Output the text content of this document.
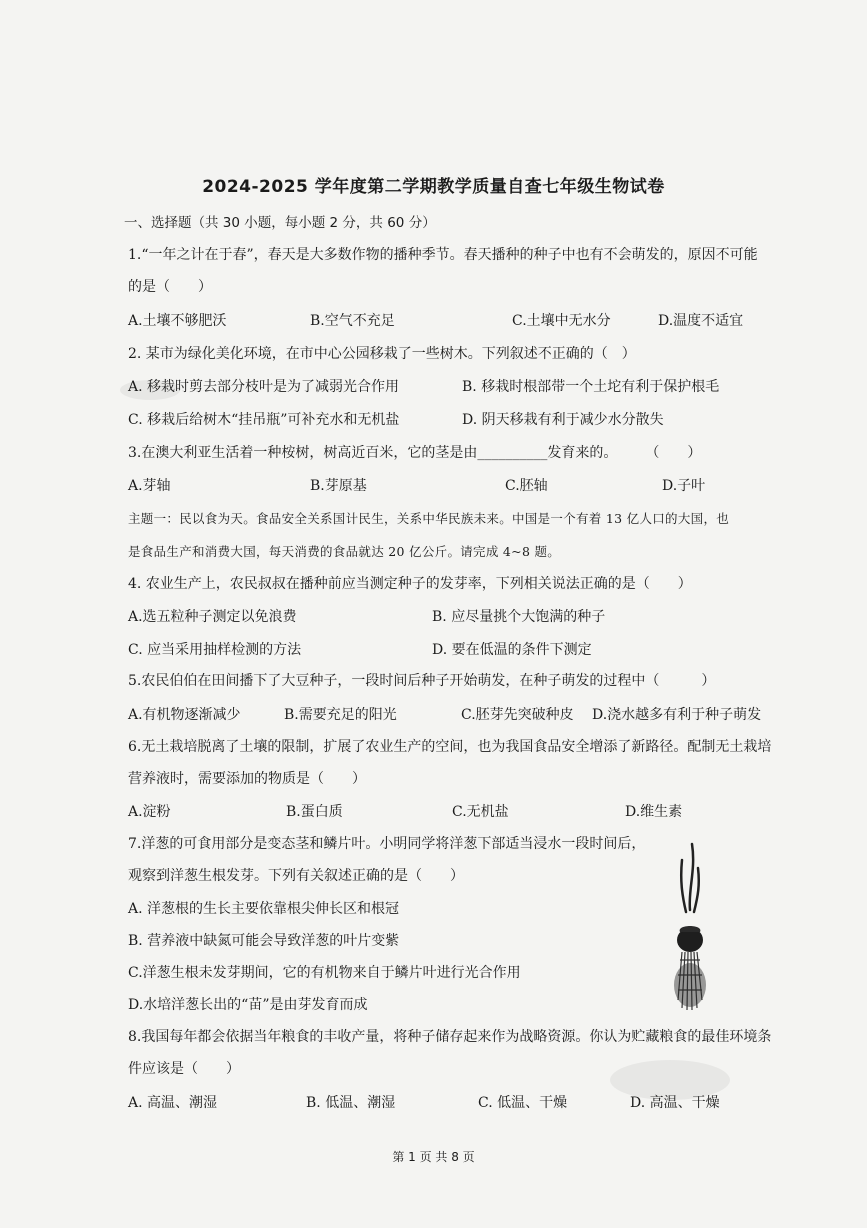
2024-2025 学年度第二学期教学质量自查七年级生物试卷
一、选择题（共 30 小题，每小题 2 分，共 60 分）
1.“一年之计在于春”，春天是大多数作物的播种季节。春天播种的种子中也有不会萌发的，原因不可能
的是（　　）
A.土壤不够肥沃	B.空气不充足	C.土壤中无水分	D.温度不适宜
2. 某市为绿化美化环境，在市中心公园移栽了一些树木。下列叙述不正确的（　）
A. 移栽时剪去部分枝叶是为了减弱光合作用	B. 移栽时根部带一个土坨有利于保护根毛
C. 移栽后给树木“挂吊瓶”可补充水和无机盐	D. 阴天移栽有利于减少水分散失
3.在澳大利亚生活着一种桉树，树高近百米，它的茎是由__________发育来的。　　　（　　）
A.芽轴	B.芽原基	C.胚轴	D.子叶
主题一：民以食为天。食品安全关系国计民生，关系中华民族未来。中国是一个有着 13 亿人口的大国，也
是食品生产和消费大国，每天消费的食品就达 20 亿公斤。请完成 4~8 题。
4. 农业生产上，农民叔叔在播种前应当测定种子的发芽率，下列相关说法正确的是（　　）
A.选五粒种子测定以免浪费	B. 应尽量挑个大饱满的种子
C. 应当采用抽样检测的方法	D. 要在低温的条件下测定
5.农民伯伯在田间播下了大豆种子，一段时间后种子开始萌发，在种子萌发的过程中（　　　）
A.有机物逐渐减少	B.需要充足的阳光	C.胚芽先突破种皮 D.浇水越多有利于种子萌发
6.无土栽培脱离了土壤的限制，扩展了农业生产的空间，也为我国食品安全增添了新路径。配制无土栽培
营养液时，需要添加的物质是（　　）
A.淀粉	B.蛋白质	C.无机盐	D.维生素
7.洋葱的可食用部分是变态茎和鳞片叶。小明同学将洋葱下部适当浸水一段时间后，
观察到洋葱生根发芽。下列有关叙述正确的是（　　）
A. 洋葱根的生长主要依靠根尖伸长区和根冠
B. 营养液中缺氮可能会导致洋葱的叶片变紫
C.洋葱生根未发芽期间，它的有机物来自于鳞片叶进行光合作用
D.水培洋葱长出的“苗”是由芽发育而成
8.我国每年都会依据当年粮食的丰收产量，将种子储存起来作为战略资源。你认为贮藏粮食的最佳环境条
件应该是（　　）
A. 高温、潮湿	B. 低温、潮湿	C. 低温、干燥	D. 高温、干燥
第 1 页 共 8 页
